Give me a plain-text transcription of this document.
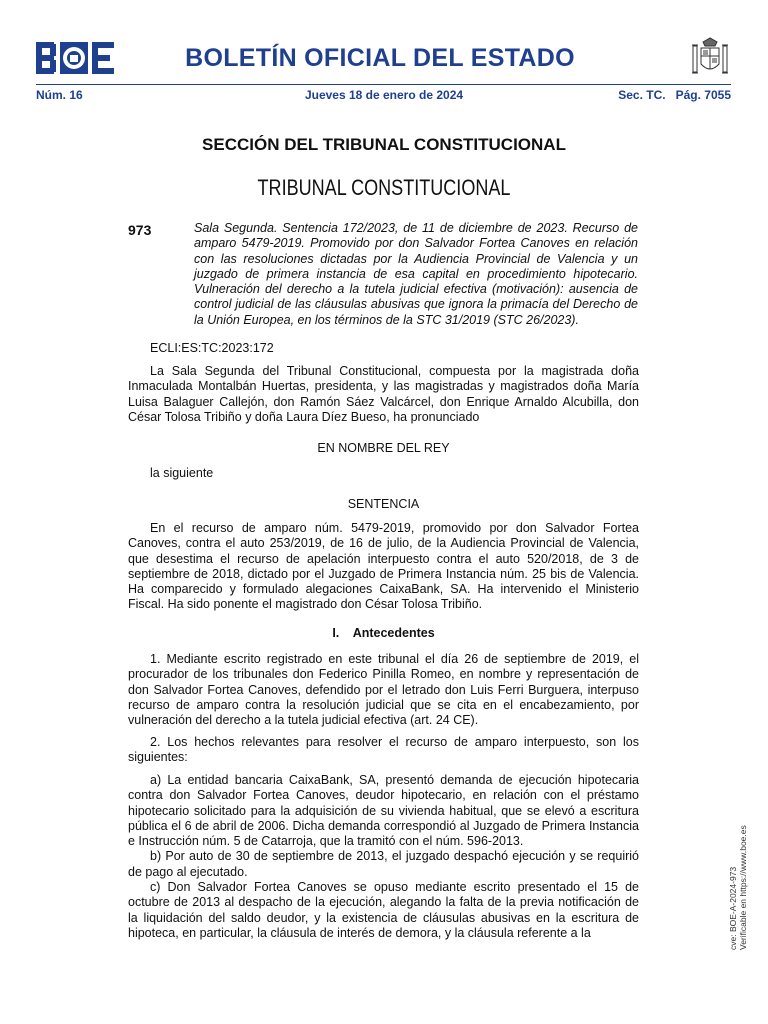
BOLETÍN OFICIAL DEL ESTADO
Núm. 16	Jueves 18 de enero de 2024	Sec. TC. Pág. 7055
SECCIÓN DEL TRIBUNAL CONSTITUCIONAL
TRIBUNAL CONSTITUCIONAL
973	Sala Segunda. Sentencia 172/2023, de 11 de diciembre de 2023. Recurso de amparo 5479-2019. Promovido por don Salvador Fortea Canoves en relación con las resoluciones dictadas por la Audiencia Provincial de Valencia y un juzgado de primera instancia de esa capital en procedimiento hipotecario. Vulneración del derecho a la tutela judicial efectiva (motivación): ausencia de control judicial de las cláusulas abusivas que ignora la primacía del Derecho de la Unión Europea, en los términos de la STC 31/2019 (STC 26/2023).

ECLI:ES:TC:2023:172

La Sala Segunda del Tribunal Constitucional, compuesta por la magistrada doña Inmaculada Montalbán Huertas, presidenta, y las magistradas y magistrados doña María Luisa Balaguer Callejón, don Ramón Sáez Valcárcel, don Enrique Arnaldo Alcubilla, don César Tolosa Tribiño y doña Laura Díez Bueso, ha pronunciado

EN NOMBRE DEL REY

la siguiente

SENTENCIA

En el recurso de amparo núm. 5479-2019, promovido por don Salvador Fortea Canoves, contra el auto 253/2019, de 16 de julio, de la Audiencia Provincial de Valencia, que desestima el recurso de apelación interpuesto contra el auto 520/2018, de 3 de septiembre de 2018, dictado por el Juzgado de Primera Instancia núm. 25 bis de Valencia. Ha comparecido y formulado alegaciones CaixaBank, SA. Ha intervenido el Ministerio Fiscal. Ha sido ponente el magistrado don César Tolosa Tribiño.

I. Antecedentes

1. Mediante escrito registrado en este tribunal el día 26 de septiembre de 2019, el procurador de los tribunales don Federico Pinilla Romeo, en nombre y representación de don Salvador Fortea Canoves, defendido por el letrado don Luis Ferri Burguera, interpuso recurso de amparo contra la resolución judicial que se cita en el encabezamiento, por vulneración del derecho a la tutela judicial efectiva (art. 24 CE).

2. Los hechos relevantes para resolver el recurso de amparo interpuesto, son los siguientes:

a) La entidad bancaria CaixaBank, SA, presentó demanda de ejecución hipotecaria contra don Salvador Fortea Canoves, deudor hipotecario, en relación con el préstamo hipotecario solicitado para la adquisición de su vivienda habitual, que se elevó a escritura pública el 6 de abril de 2006. Dicha demanda correspondió al Juzgado de Primera Instancia e Instrucción núm. 5 de Catarroja, que la tramitó con el núm. 596-2013.

b) Por auto de 30 de septiembre de 2013, el juzgado despachó ejecución y se requirió de pago al ejecutado.

c) Don Salvador Fortea Canoves se opuso mediante escrito presentado el 15 de octubre de 2013 al despacho de la ejecución, alegando la falta de la previa notificación de la liquidación del saldo deudor, y la existencia de cláusulas abusivas en la escritura de hipoteca, en particular, la cláusula de interés de demora, y la cláusula referente a la	cve: BOE-A-2024-973 Verificable en https://www.boe.es
